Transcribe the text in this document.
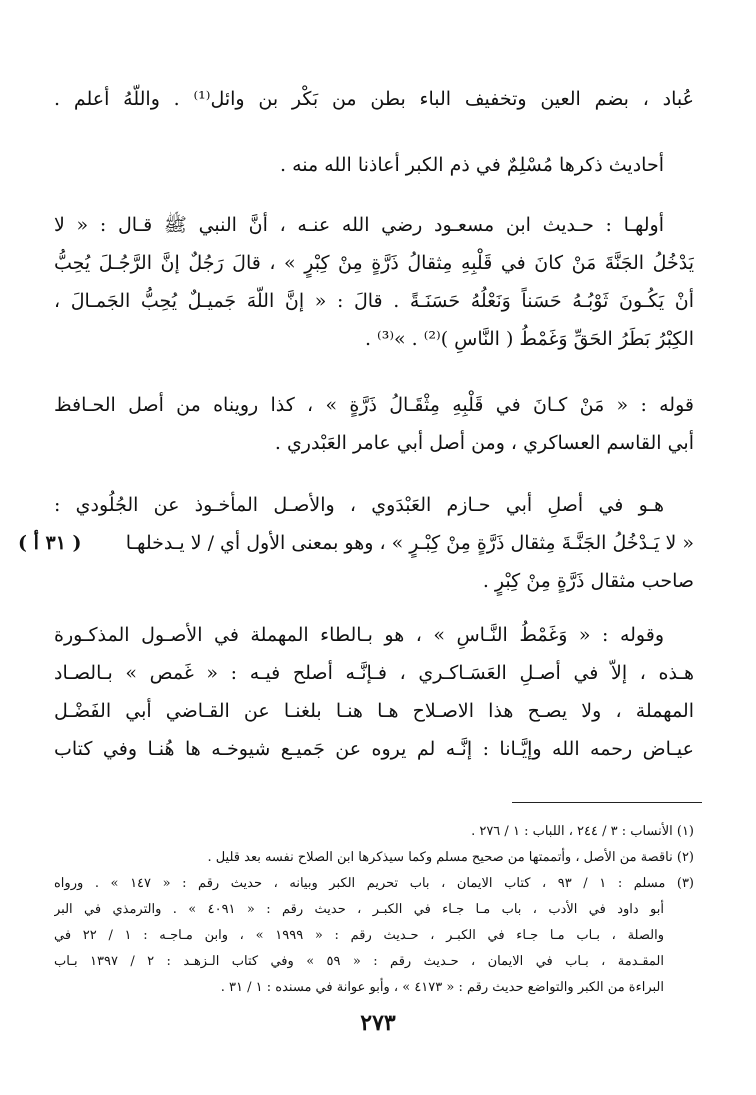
عُباد ، بضم العين وتخفيف الباء بطن من بَكْر بن وائل⁽¹⁾ . واللّهُ أعلم .
أحاديث ذكرها مُسْلِمٌ في ذم الكبر أعاذنا الله منه .
أولهـا : حـديث ابن مسعـود رضي الله عنـه ، أنَّ النبي ﷺ قـال : « لا
يَدْخُلُ الجَنَّةَ مَنْ كانَ في قَلْبِهِ مِثقالُ ذَرَّةٍ مِنْ كِبْرٍ » ، قالَ رَجُلٌ إنَّ الرَّجُـلَ يُحِبُّ
أنْ يَكُـونَ ثَوْبُـهُ حَسَناً وَنَعْلُهُ حَسَنَـةً . قالَ : « إنَّ اللّهَ جَميـلٌ يُحِبُّ الجَمـالَ ،
الكِبْرُ بَطَرُ الحَقِّ وَغَمْطُ ( النَّاسِ )⁽²⁾ . »⁽³⁾ .
قوله : « مَنْ كـانَ في قَلْبِهِ مِثْقَـالُ ذَرَّةٍ » ، كذا رويناه من أصل الحـافظ
أبي القاسم العساكري ، ومن أصل أبي عامر العَبْدري .
هـو في أصلِ أبي حـازم العَبْدَوي ، والأصـل المأخـوذ عن الجُلُودي :
« لا يَـدْخُلُ الجَنَّـةَ مِثقال ذَرَّةٍ مِنْ كِبْـرٍ » ، وهو بمعنى الأول أي / لا يـدخلهـا
صاحب مثقال ذَرَّةٍ مِنْ كِبْرٍ .
وقوله : « وَغَمْطُ النَّـاسِ » ، هو بـالطاء المهملة في الأصـول المذكـورة
هـذه ، إلاّ في أصـلِ العَسَـاكـري ، فـإنَّـه أصلح فيـه : « غَمص » بـالصـاد
المهملة ، ولا يصـح هذا الاصـلاح هـا هنـا بلغنـا عن القـاضي أبي الفَضْـل
عيـاض رحمه الله وإيَّـانا : إنَّـه لم يروه عن جَميـع شيوخـه ها هُنـا وفي كتاب
( ٣١ أ )
(١) الأنساب : ٣ / ٢٤٤ ، اللباب : ١ / ٢٧٦ .
(٢) ناقصة من الأصل ، وأتممتها من صحيح مسلم وكما سيذكرها ابن الصلاح نفسه بعد قليل .
(٣) مسلم : ١ / ٩٣ ، كتاب الايمان ، باب تحريم الكبر وبيانه ، حديث رقم : « ١٤٧ » . ورواه
أبو داود في الأدب ، باب مـا جـاء في الكبـر ، حديث رقم : « ٤٠٩١ » . والترمذي في البر
والصلة ، بـاب مـا جـاء في الكبـر ، حـديث رقم : « ١٩٩٩ » ، وابن مـاجـه : ١ / ٢٢ في
المقـدمة ، بـاب في الايمان ، حـديث رقم : « ٥٩ » وفي كتاب الـزهـد : ٢ / ١٣٩٧ بـاب
البراءة من الكبر والتواضع حديث رقم : « ٤١٧٣ » ، وأبو عوانة في مسنده : ١ / ٣١ .
٢٧٣
